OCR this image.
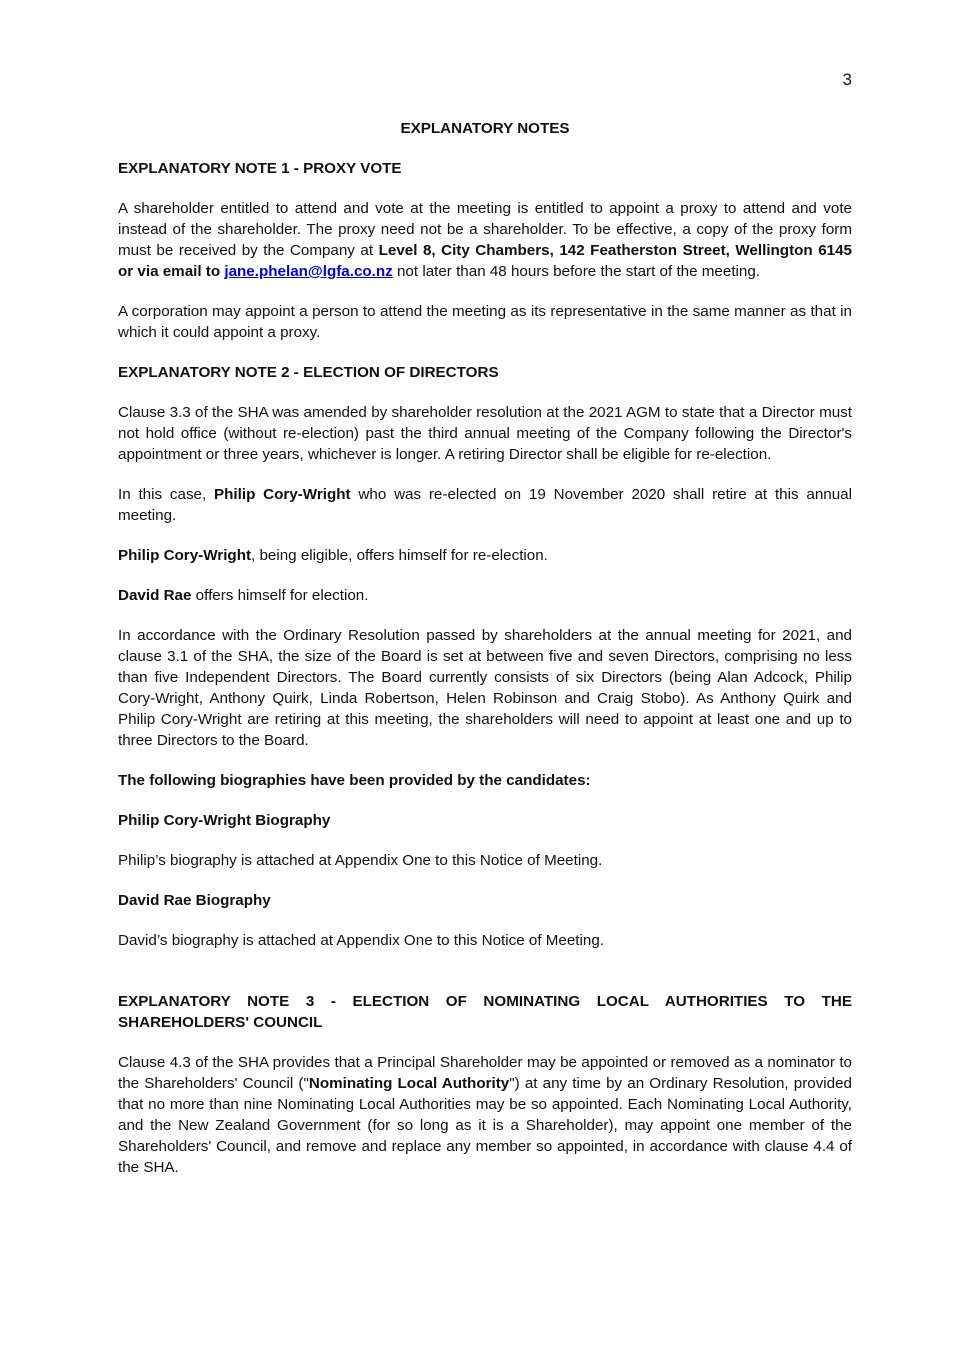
3

EXPLANATORY NOTES

EXPLANATORY NOTE 1 - PROXY VOTE

A shareholder entitled to attend and vote at the meeting is entitled to appoint a proxy to attend and vote instead of the shareholder. The proxy need not be a shareholder. To be effective, a copy of the proxy form must be received by the Company at Level 8, City Chambers, 142 Featherston Street, Wellington 6145 or via email to jane.phelan@lgfa.co.nz not later than 48 hours before the start of the meeting.

A corporation may appoint a person to attend the meeting as its representative in the same manner as that in which it could appoint a proxy.

EXPLANATORY NOTE 2 - ELECTION OF DIRECTORS

Clause 3.3 of the SHA was amended by shareholder resolution at the 2021 AGM to state that a Director must not hold office (without re-election) past the third annual meeting of the Company following the Director's appointment or three years, whichever is longer. A retiring Director shall be eligible for re-election.

In this case, Philip Cory-Wright who was re-elected on 19 November 2020 shall retire at this annual meeting.

Philip Cory-Wright, being eligible, offers himself for re-election.

David Rae offers himself for election.

In accordance with the Ordinary Resolution passed by shareholders at the annual meeting for 2021, and clause 3.1 of the SHA, the size of the Board is set at between five and seven Directors, comprising no less than five Independent Directors. The Board currently consists of six Directors (being Alan Adcock, Philip Cory-Wright, Anthony Quirk, Linda Robertson, Helen Robinson and Craig Stobo). As Anthony Quirk and Philip Cory-Wright are retiring at this meeting, the shareholders will need to appoint at least one and up to three Directors to the Board.

The following biographies have been provided by the candidates:

Philip Cory-Wright Biography

Philip’s biography is attached at Appendix One to this Notice of Meeting.

David Rae Biography

David’s biography is attached at Appendix One to this Notice of Meeting.

EXPLANATORY NOTE 3 - ELECTION OF NOMINATING LOCAL AUTHORITIES TO THE SHAREHOLDERS' COUNCIL

Clause 4.3 of the SHA provides that a Principal Shareholder may be appointed or removed as a nominator to the Shareholders' Council ("Nominating Local Authority") at any time by an Ordinary Resolution, provided that no more than nine Nominating Local Authorities may be so appointed. Each Nominating Local Authority, and the New Zealand Government (for so long as it is a Shareholder), may appoint one member of the Shareholders' Council, and remove and replace any member so appointed, in accordance with clause 4.4 of the SHA.
